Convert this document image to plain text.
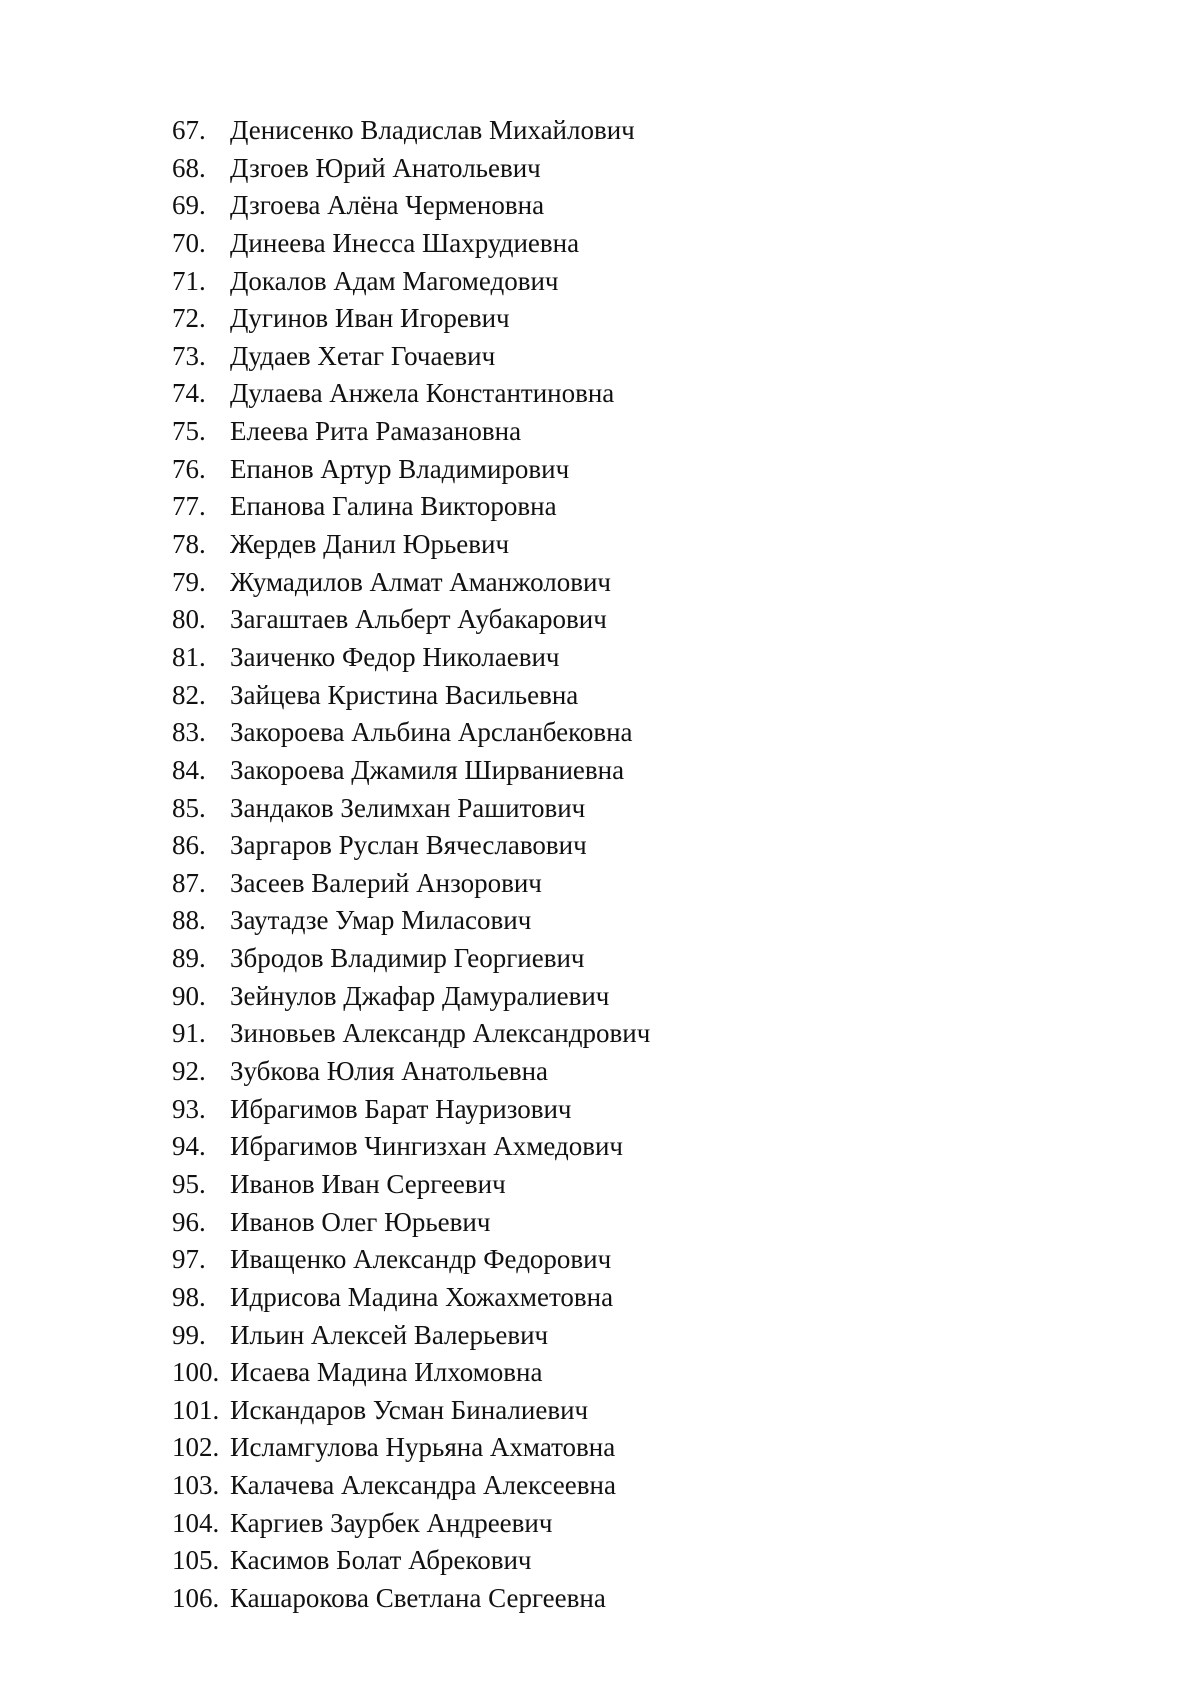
67. Денисенко Владислав Михайлович
68. Дзгоев Юрий Анатольевич
69. Дзгоева Алёна Черменовна
70. Динеева Инесса Шахрудиевна
71. Докалов Адам Магомедович
72. Дугинов Иван Игоревич
73. Дудаев Хетаг Гочаевич
74. Дулаева Анжела Константиновна
75. Елеева Рита Рамазановна
76. Епанов Артур Владимирович
77. Епанова Галина Викторовна
78. Жердев Данил Юрьевич
79. Жумадилов Алмат Аманжолович
80. Загаштаев Альберт Аубакарович
81. Заиченко Федор Николаевич
82. Зайцева Кристина Васильевна
83. Закороева Альбина Арсланбековна
84. Закороева Джамиля Ширваниевна
85. Зандаков Зелимхан Рашитович
86. Заргаров Руслан Вячеславович
87. Засеев Валерий Анзорович
88. Заутадзе Умар Миласович
89. Збродов Владимир Георгиевич
90. Зейнулов Джафар Дамуралиевич
91. Зиновьев Александр Александрович
92. Зубкова Юлия Анатольевна
93. Ибрагимов Барат Науризович
94. Ибрагимов Чингизхан Ахмедович
95. Иванов Иван Сергеевич
96. Иванов Олег Юрьевич
97. Иващенко Александр Федорович
98. Идрисова Мадина Хожахметовна
99. Ильин Алексей Валерьевич
100. Исаева Мадина Илхомовна
101. Искандаров Усман Биналиевич
102. Исламгулова Нурьяна Ахматовна
103. Калачева Александра Алексеевна
104. Каргиев Заурбек Андреевич
105. Касимов Болат Абрекович
106. Кашарокова Светлана Сергеевна
